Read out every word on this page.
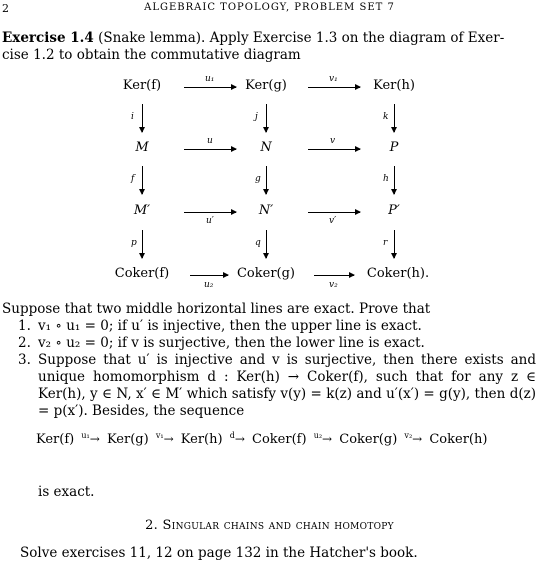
2	ALGEBRAIC TOPOLOGY, PROBLEM SET 7
Exercise 1.4 (Snake lemma). Apply Exercise 1.3 on the diagram of Exer-
cise 1.2 to obtain the commutative diagram
Ker(f)	Ker(g)	Ker(h)
u₁	v₁
i	j	k
M	N	P
u	v
f	g	h
M′	N′	P′
u′	v′
p	q	r
Coker(f)	Coker(g)	Coker(h).
u₂	v₂
Suppose that two middle horizontal lines are exact. Prove that
1. v₁ ∘ u₁ = 0; if u′ is injective, then the upper line is exact.
2. v₂ ∘ u₂ = 0; if v is surjective, then the lower line is exact.
3. Suppose that u′ is injective and v is surjective, then there exists and unique homomorphism d : Ker(h) → Coker(f), such that for any z ∈ Ker(h), y ∈ N, x′ ∈ M′ which satisfy v(y) = k(z) and u′(x′) = g(y), then d(z) = p(x′). Besides, the sequence
Ker(f) $^{u_1}$→ Ker(g) $^{v_1}$→ Ker(h) $^d$→ Coker(f) $^{u_2}$→ Coker(g) $^{v_2}$→ Coker(h)
is exact.
2. Singular chains and chain homotopy
Solve exercises 11, 12 on page 132 in the Hatcher's book.
